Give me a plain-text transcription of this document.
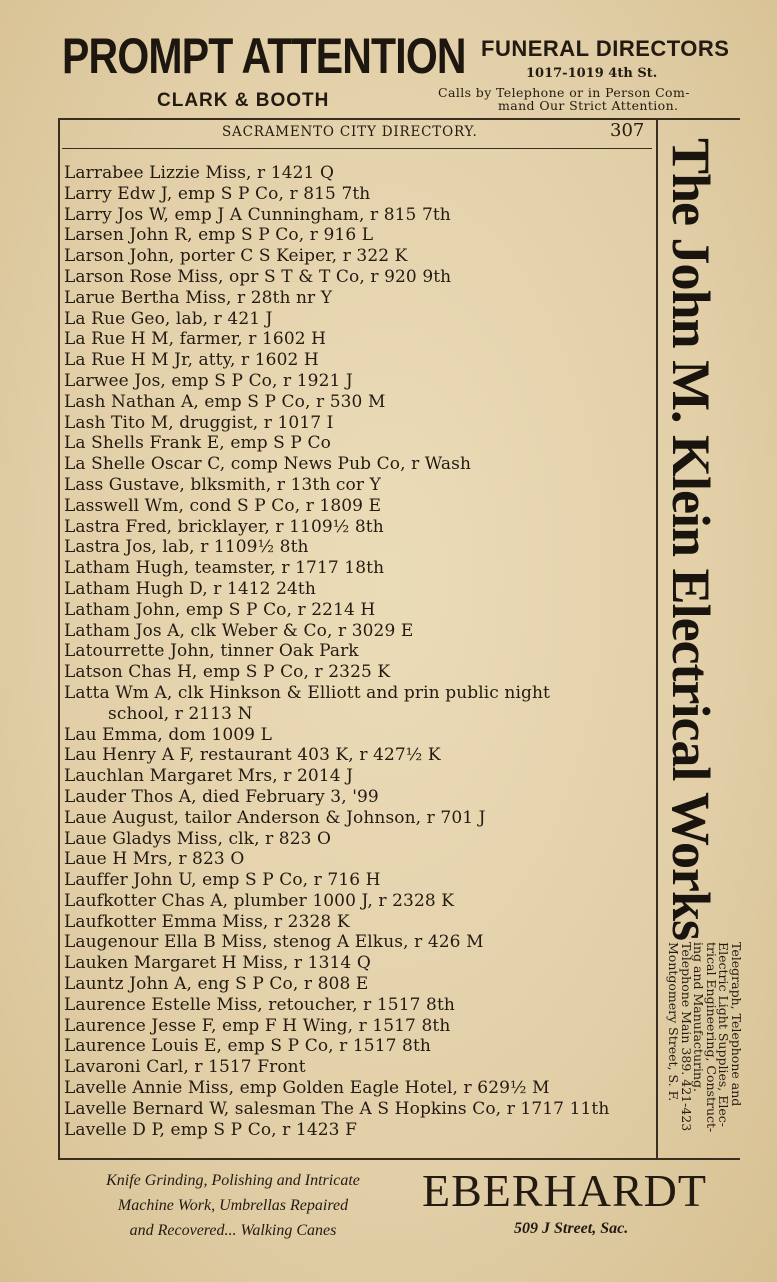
PROMPT ATTENTION
CLARK & BOOTH
FUNERAL DIRECTORS
1017-1019 4th St.
Calls by Telephone or in Person Com-
mand Our Strict Attention.
SACRAMENTO CITY DIRECTORY.	307
Larrabee Lizzie Miss, r 1421 Q
Larry Edw J, emp S P Co, r 815 7th
Larry Jos W, emp J A Cunningham, r 815 7th
Larsen John R, emp S P Co, r 916 L
Larson John, porter C S Keiper, r 322 K
Larson Rose Miss, opr S T & T Co, r 920 9th
Larue Bertha Miss, r 28th nr Y
La Rue Geo, lab, r 421 J
La Rue H M, farmer, r 1602 H
La Rue H M Jr, atty, r 1602 H
Larwee Jos, emp S P Co, r 1921 J
Lash Nathan A, emp S P Co, r 530 M
Lash Tito M, druggist, r 1017 I
La Shells Frank E, emp S P Co
La Shelle Oscar C, comp News Pub Co, r Wash
Lass Gustave, blksmith, r 13th cor Y
Lasswell Wm, cond S P Co, r 1809 E
Lastra Fred, bricklayer, r 1109½ 8th
Lastra Jos, lab, r 1109½ 8th
Latham Hugh, teamster, r 1717 18th
Latham Hugh D, r 1412 24th
Latham John, emp S P Co, r 2214 H
Latham Jos A, clk Weber & Co, r 3029 E
Latourrette John, tinner Oak Park
Latson Chas H, emp S P Co, r 2325 K
Latta Wm A, clk Hinkson & Elliott and prin public night
school, r 2113 N
Lau Emma, dom 1009 L
Lau Henry A F, restaurant 403 K, r 427½ K
Lauchlan Margaret Mrs, r 2014 J
Lauder Thos A, died February 3, '99
Laue August, tailor Anderson & Johnson, r 701 J
Laue Gladys Miss, clk, r 823 O
Laue H Mrs, r 823 O
Lauffer John U, emp S P Co, r 716 H
Laufkotter Chas A, plumber 1000 J, r 2328 K
Laufkotter Emma Miss, r 2328 K
Laugenour Ella B Miss, stenog A Elkus, r 426 M
Lauken Margaret H Miss, r 1314 Q
Launtz John A, eng S P Co, r 808 E
Laurence Estelle Miss, retoucher, r 1517 8th
Laurence Jesse F, emp F H Wing, r 1517 8th
Laurence Louis E, emp S P Co, r 1517 8th
Lavaroni Carl, r 1517 Front
Lavelle Annie Miss, emp Golden Eagle Hotel, r 629½ M
Lavelle Bernard W, salesman The A S Hopkins Co, r 1717 11th
Lavelle D P, emp S P Co, r 1423 F
The John M. Klein Electrical Works
Telegraph, Telephone and
Electric Light Supplies, Elec-
trical Engineering, Construct-
ing and Manufacturing.
Telephone Main 389. 421-423
Montgomery Street, S. F.
Knife Grinding, Polishing and Intricate
Machine Work, Umbrellas Repaired
and Recovered... Walking Canes
EBERHARDT
509 J Street, Sac.
